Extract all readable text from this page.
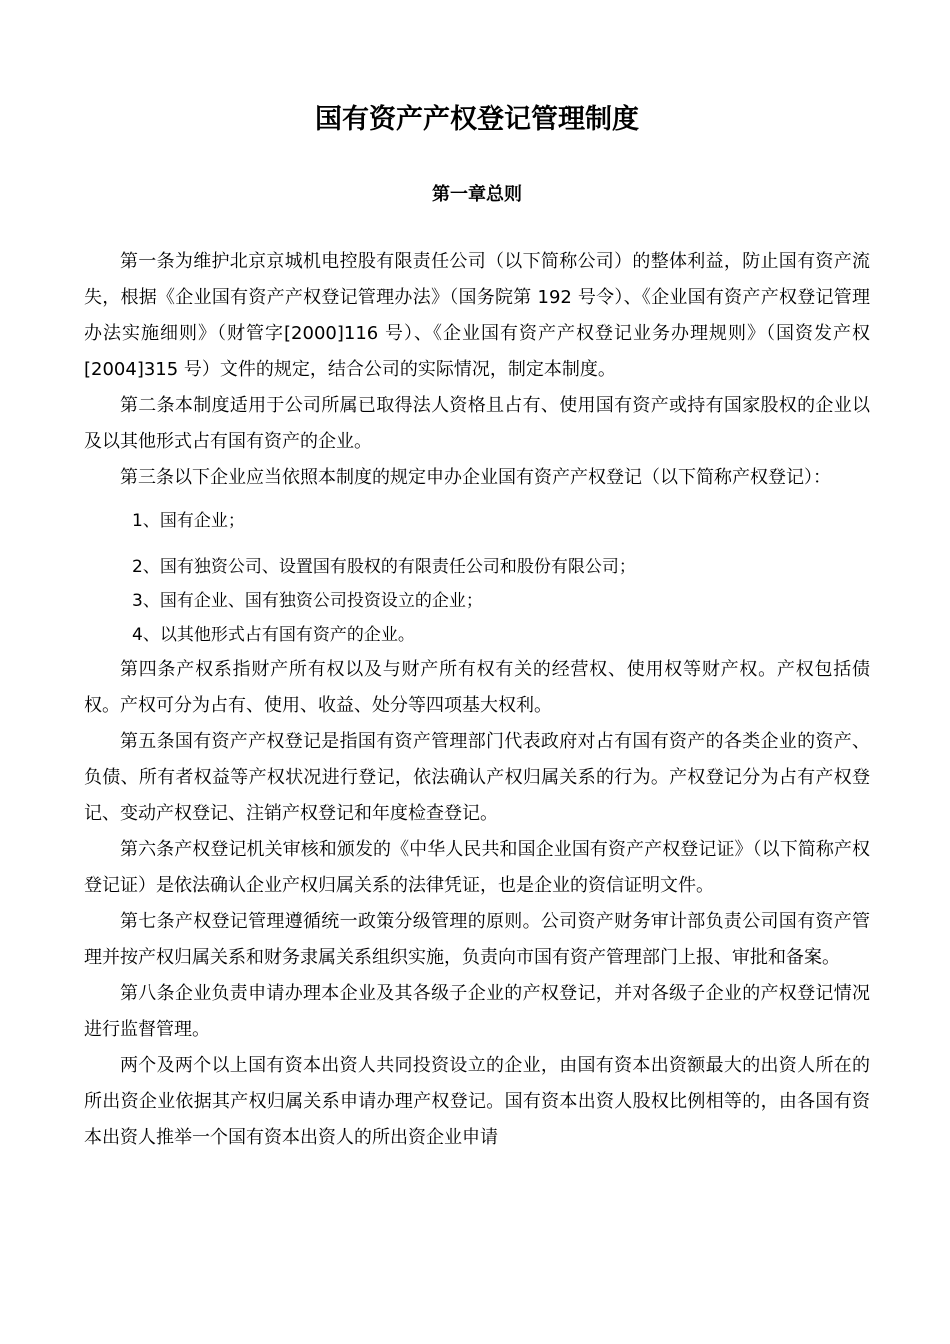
国有资产产权登记管理制度
第一章总则

第一条为维护北京京城机电控股有限责任公司（以下简称公司）的整体利益，防止国有资产流失，根据《企业国有资产产权登记管理办法》（国务院第 192 号令）、《企业国有资产产权登记管理办法实施细则》（财管字[2000]116 号）、《企业国有资产产权登记业务办理规则》（国资发产权[2004]315 号）文件的规定，结合公司的实际情况，制定本制度。

第二条本制度适用于公司所属已取得法人资格且占有、使用国有资产或持有国家股权的企业以及以其他形式占有国有资产的企业。

第三条以下企业应当依照本制度的规定申办企业国有资产产权登记（以下简称产权登记）：

1、国有企业；

2、国有独资公司、设置国有股权的有限责任公司和股份有限公司；

3、国有企业、国有独资公司投资设立的企业；

4、以其他形式占有国有资产的企业。

第四条产权系指财产所有权以及与财产所有权有关的经营权、使用权等财产权。产权包括债权。产权可分为占有、使用、收益、处分等四项基大权利。

第五条国有资产产权登记是指国有资产管理部门代表政府对占有国有资产的各类企业的资产、负债、所有者权益等产权状况进行登记，依法确认产权归属关系的行为。产权登记分为占有产权登记、变动产权登记、注销产权登记和年度检查登记。

第六条产权登记机关审核和颁发的《中华人民共和国企业国有资产产权登记证》（以下简称产权登记证）是依法确认企业产权归属关系的法律凭证，也是企业的资信证明文件。

第七条产权登记管理遵循统一政策分级管理的原则。公司资产财务审计部负责公司国有资产管理并按产权归属关系和财务隶属关系组织实施，负责向市国有资产管理部门上报、审批和备案。

第八条企业负责申请办理本企业及其各级子企业的产权登记，并对各级子企业的产权登记情况进行监督管理。

两个及两个以上国有资本出资人共同投资设立的企业，由国有资本出资额最大的出资人所在的所出资企业依据其产权归属关系申请办理产权登记。国有资本出资人股权比例相等的，由各国有资本出资人推举一个国有资本出资人的所出资企业申请
